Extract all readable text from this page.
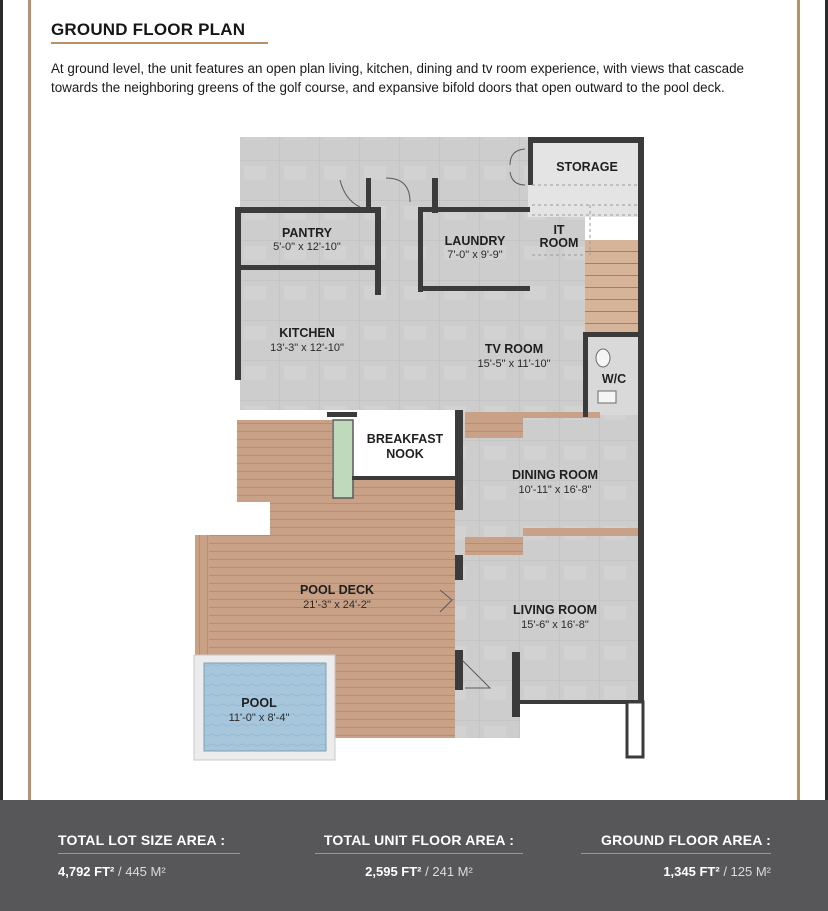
GROUND FLOOR PLAN
At ground level, the unit features an open plan living, kitchen, dining and tv room experience, with views that cascade towards the neighboring greens of the golf course, and expansive bifold doors that open outward to the pool deck.
STORAGE
PANTRY
LAUNDRY
IT
ROOM
KITCHEN
TV ROOM
W/C
BREAKFAST
NOOK
DINING ROOM
POOL DECK
LIVING ROOM
POOL
5'-0" x 12'-10"
7'-0" x 9'-9"
13'-3" x 12'-10"
15'-5" x 11'-10"
10'-11" x 16'-8"
21'-3" x 24'-2"
15'-6" x 16'-8"
11'-0" x 8'-4"
TOTAL LOT SIZE AREA :
4,792 FT² / 445 M²
TOTAL UNIT FLOOR AREA :
2,595 FT² / 241 M²
GROUND FLOOR AREA :
1,345 FT² / 125 M²
